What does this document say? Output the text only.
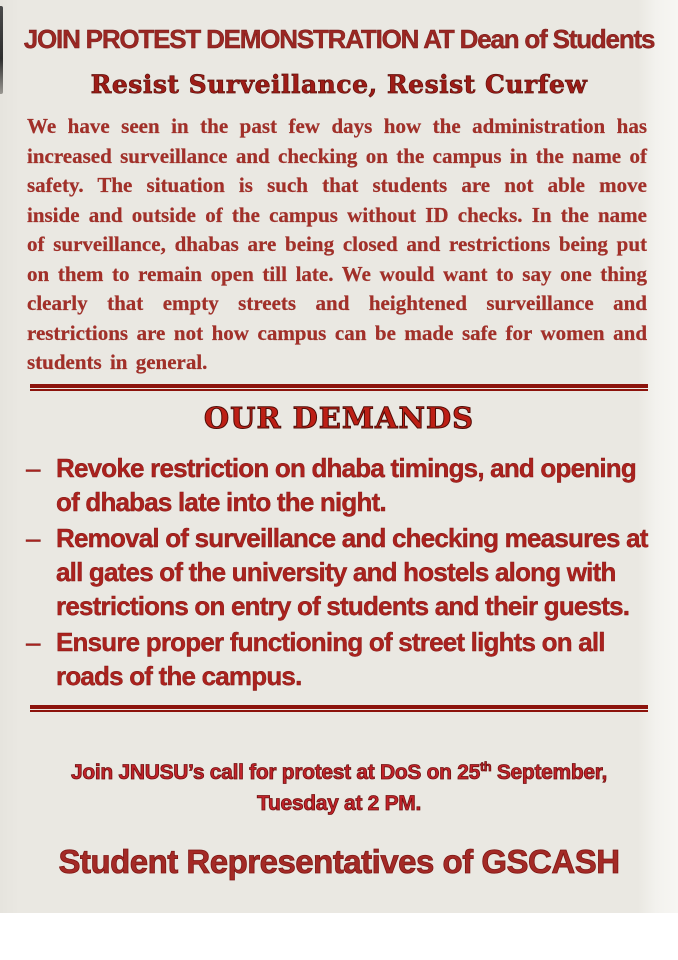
JOIN PROTEST DEMONSTRATION AT Dean of Students
Resist Surveillance, Resist Curfew

We have seen in the past few days how the administration has increased surveillance and checking on the campus in the name of safety. The situation is such that students are not able move inside and outside of the campus without ID checks. In the name of surveillance, dhabas are being closed and restrictions being put on them to remain open till late. We would want to say one thing clearly that empty streets and heightened surveillance and restrictions are not how campus can be made safe for women and students in general.

OUR DEMANDS
– Revoke restriction on dhaba timings, and opening of dhabas late into the night.
– Removal of surveillance and checking measures at all gates of the university and hostels along with restrictions on entry of students and their guests.
– Ensure proper functioning of street lights on all roads of the campus.

Join JNUSU’s call for protest at DoS on 25th September,
Tuesday at 2 PM.

Student Representatives of GSCASH
